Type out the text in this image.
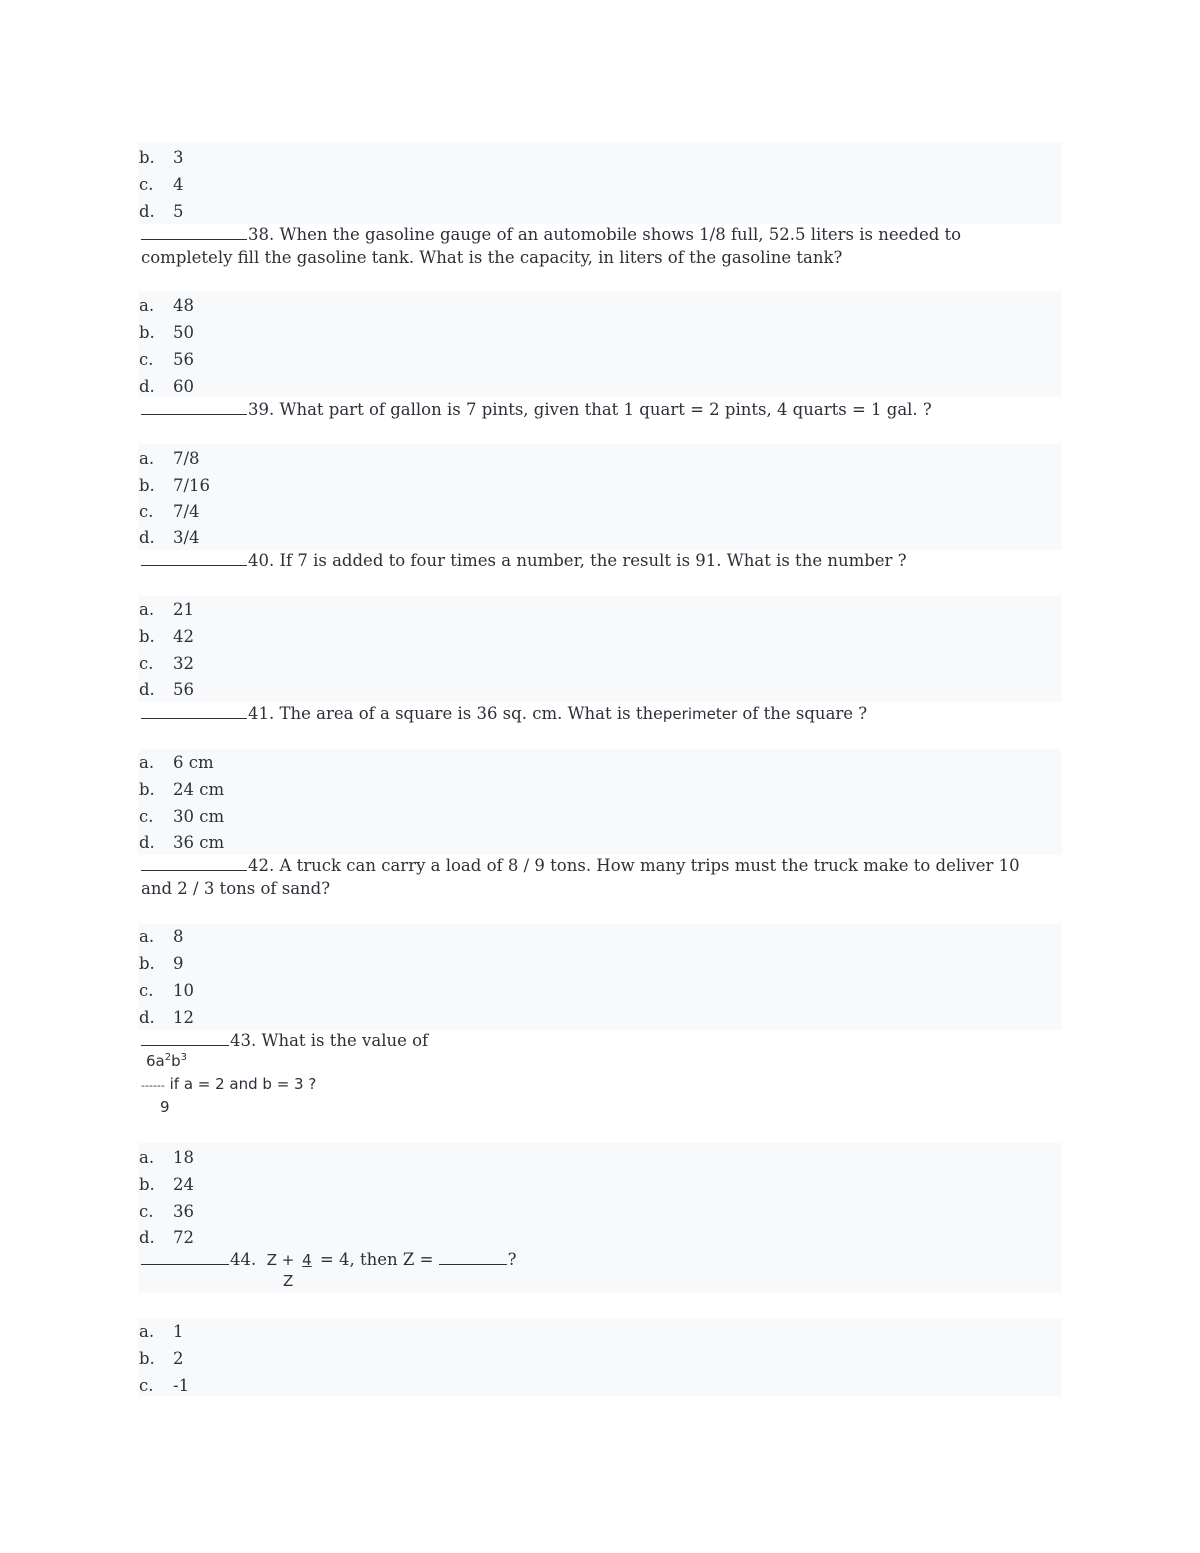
b. 3
c. 4
d. 5
38. When the gasoline gauge of an automobile shows 1/8 full, 52.5 liters is needed to completely fill the gasoline tank. What is the capacity, in liters of the gasoline tank?
a. 48
b. 50
c. 56
d. 60
39. What part of gallon is 7 pints, given that 1 quart = 2 pints, 4 quarts = 1 gal. ?
a. 7/8
b. 7/16
c. 7/4
d. 3/4
40. If 7 is added to four times a number, the result is 91. What is the number ?
a. 21
b. 42
c. 32
d. 56
41. The area of a square is 36 sq. cm. What is theperimeter of the square ?
a. 6 cm
b. 24 cm
c. 30 cm
d. 36 cm
42. A truck can carry a load of 8 / 9 tons. How many trips must the truck make to deliver 10 and 2 / 3 tons of sand?
a. 8
b. 9
c. 10
d. 12
43. What is the value of
$6a^2b^3$
------ if a = 2 and b = 3 ?
9
a. 18
b. 24
c. 36
d. 72
44. Z + 4 = 4, then Z =	?
Z
a. 1
b. 2
c. -1
